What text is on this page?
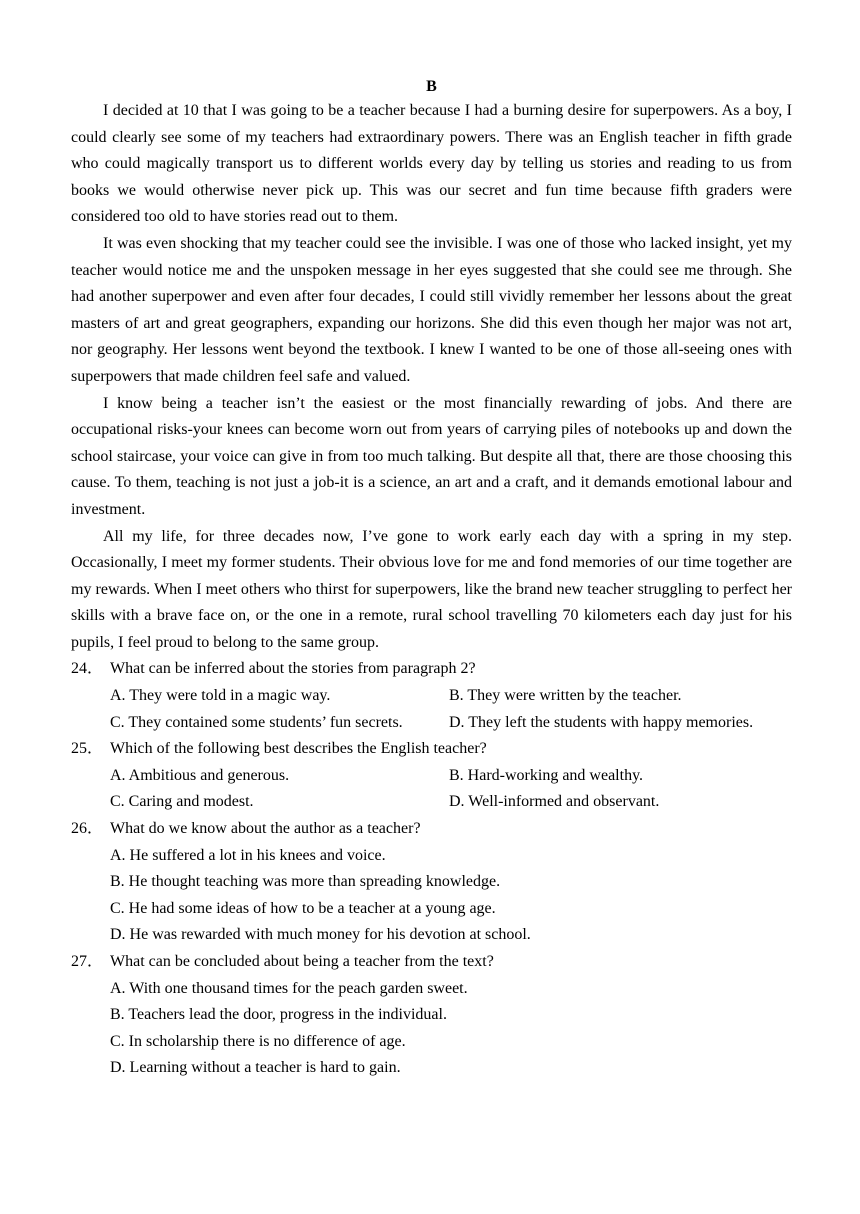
B

I decided at 10 that I was going to be a teacher because I had a burning desire for superpowers. As a boy, I could clearly see some of my teachers had extraordinary powers. There was an English teacher in fifth grade who could magically transport us to different worlds every day by telling us stories and reading to us from books we would otherwise never pick up. This was our secret and fun time because fifth graders were considered too old to have stories read out to them.

It was even shocking that my teacher could see the invisible. I was one of those who lacked insight, yet my teacher would notice me and the unspoken message in her eyes suggested that she could see me through. She had another superpower and even after four decades, I could still vividly remember her lessons about the great masters of art and great geographers, expanding our horizons. She did this even though her major was not art, nor geography. Her lessons went beyond the textbook. I knew I wanted to be one of those all-seeing ones with superpowers that made children feel safe and valued.

I know being a teacher isn’t the easiest or the most financially rewarding of jobs. And there are occupational risks-your knees can become worn out from years of carrying piles of notebooks up and down the school staircase, your voice can give in from too much talking. But despite all that, there are those choosing this cause. To them, teaching is not just a job-it is a science, an art and a craft, and it demands emotional labour and investment.

All my life, for three decades now, I’ve gone to work early each day with a spring in my step. Occasionally, I meet my former students. Their obvious love for me and fond memories of our time together are my rewards. When I meet others who thirst for superpowers, like the brand new teacher struggling to perfect her skills with a brave face on, or the one in a remote, rural school travelling 70 kilometers each day just for his pupils, I feel proud to belong to the same group.

24． What can be inferred about the stories from paragraph 2?
A. They were told in a magic way.	B. They were written by the teacher.
C. They contained some students’ fun secrets.	D. They left the students with happy memories.
25． Which of the following best describes the English teacher?
A. Ambitious and generous.	B. Hard-working and wealthy.
C. Caring and modest.	D. Well-informed and observant.
26． What do we know about the author as a teacher?
A. He suffered a lot in his knees and voice.
B. He thought teaching was more than spreading knowledge.
C. He had some ideas of how to be a teacher at a young age.
D. He was rewarded with much money for his devotion at school.
27． What can be concluded about being a teacher from the text?
A. With one thousand times for the peach garden sweet.
B. Teachers lead the door, progress in the individual.
C. In scholarship there is no difference of age.
D. Learning without a teacher is hard to gain.
